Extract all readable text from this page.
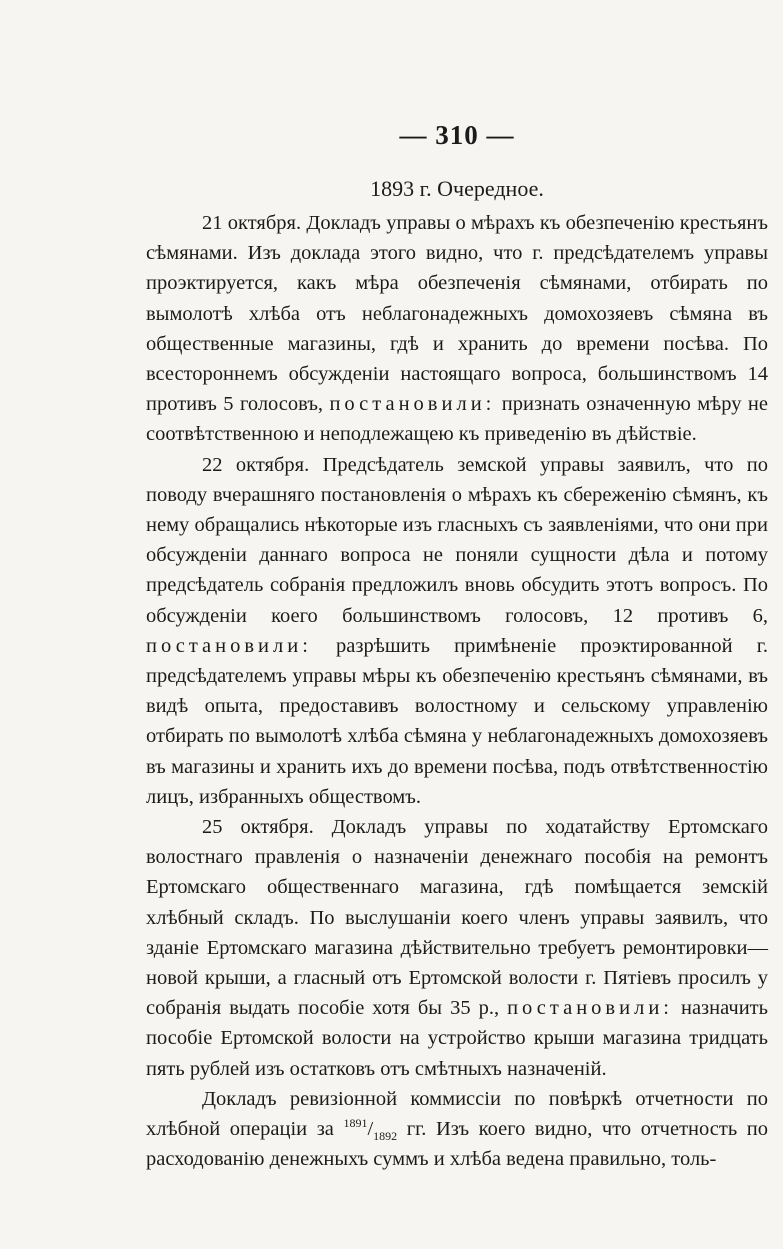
— 310 —
1893 г. Очередное.

21 октября. Докладъ управы о мѣрахъ къ обезпеченію крестьянъ сѣмянами. Изъ доклада этого видно, что г. предсѣдателемъ управы проэктируется, какъ мѣра обезпеченія сѣмянами, отбирать по вымолотѣ хлѣба отъ неблагонадежныхъ домохозяевъ сѣмяна въ общественные магазины, гдѣ и хранить до времени посѣва. По всестороннемъ обсужденіи настоящаго вопроса, большинствомъ 14 противъ 5 голосовъ, постановили: признать означенную мѣру не соотвѣтственною и неподлежащею къ приведенію въ дѣйствіе.

22 октября. Предсѣдатель земской управы заявилъ, что по поводу вчерашняго постановленія о мѣрахъ къ сбереженію сѣмянъ, къ нему обращались нѣкоторые изъ гласныхъ съ заявленіями, что они при обсужденіи даннаго вопроса не поняли сущности дѣла и потому предсѣдатель собранія предложилъ вновь обсудить этотъ вопросъ. По обсужденіи коего большинствомъ голосовъ, 12 противъ 6, постановили: разрѣшить примѣненіе проэктированной г. предсѣдателемъ управы мѣры къ обезпеченію крестьянъ сѣмянами, въ видѣ опыта, предоставивъ волостному и сельскому управленію отбирать по вымолотѣ хлѣба сѣмяна у неблагонадежныхъ домохозяевъ въ магазины и хранить ихъ до времени посѣва, подъ отвѣтственностію лицъ, избранныхъ обществомъ.

25 октября. Докладъ управы по ходатайству Ертомскаго волостнаго правленія о назначеніи денежнаго пособія на ремонтъ Ертомскаго общественнаго магазина, гдѣ помѣщается земскій хлѣбный складъ. По выслушаніи коего членъ управы заявилъ, что зданіе Ертомскаго магазина дѣйствительно требуетъ ремонтировки—новой крыши, а гласный отъ Ертомской волости г. Пятіевъ просилъ у собранія выдать пособіе хотя бы 35 р., постановили: назначить пособіе Ертомской волости на устройство крыши магазина тридцать пять рублей изъ остатковъ отъ смѣтныхъ назначеній.

Докладъ ревизіонной коммиссіи по повѣркѣ отчетности по хлѣбной операціи за $^{1891}/_{1892}$ гг. Изъ коего видно, что отчетность по расходованію денежныхъ суммъ и хлѣба ведена правильно, толь-
